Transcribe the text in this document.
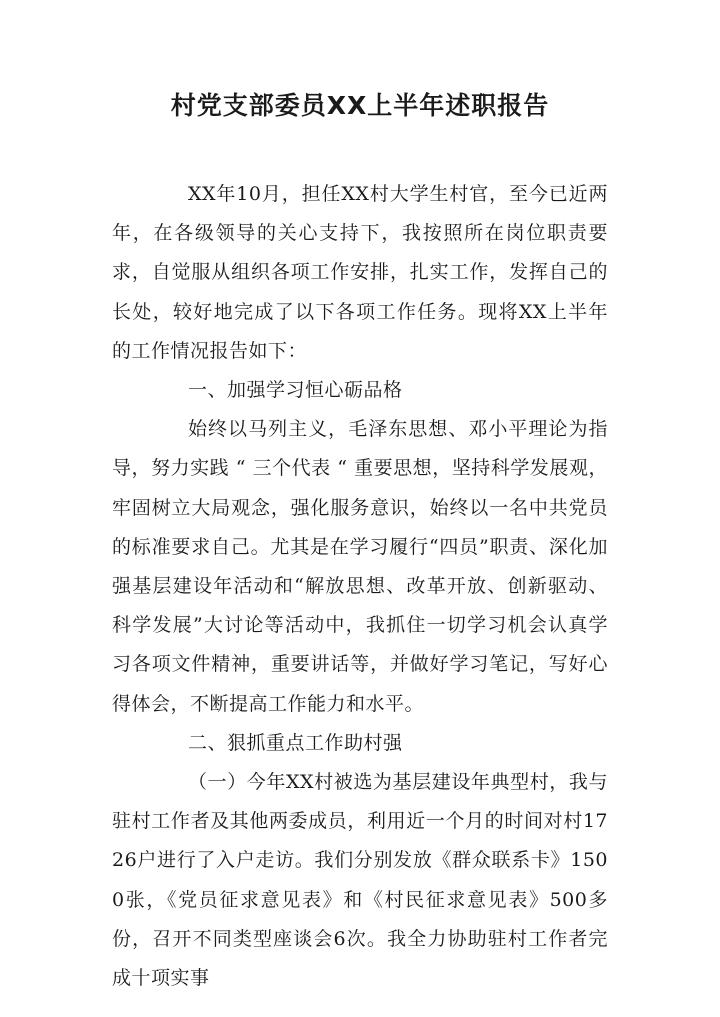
村党支部委员XX上半年述职报告

XX年10月，担任XX村大学生村官，至今已近两年，在各级领导的关心支持下，我按照所在岗位职责要求，自觉服从组织各项工作安排，扎实工作，发挥自己的长处，较好地完成了以下各项工作任务。现将XX上半年的工作情况报告如下：

一、加强学习恒心砺品格

始终以马列主义，毛泽东思想、邓小平理论为指导，努力实践 “ 三个代表 “ 重要思想，坚持科学发展观，牢固树立大局观念，强化服务意识，始终以一名中共党员的标准要求自己。尤其是在学习履行“四员”职责、深化加强基层建设年活动和“解放思想、改革开放、创新驱动、科学发展”大讨论等活动中，我抓住一切学习机会认真学习各项文件精神，重要讲话等，并做好学习笔记，写好心得体会，不断提高工作能力和水平。

二、狠抓重点工作助村强

（一）今年XX村被选为基层建设年典型村，我与驻村工作者及其他两委成员，利用近一个月的时间对村1726户进行了入户走访。我们分别发放《群众联系卡》1500张，《党员征求意见表》和《村民征求意见表》500多份，召开不同类型座谈会6次。我全力协助驻村工作者完成十项实事
